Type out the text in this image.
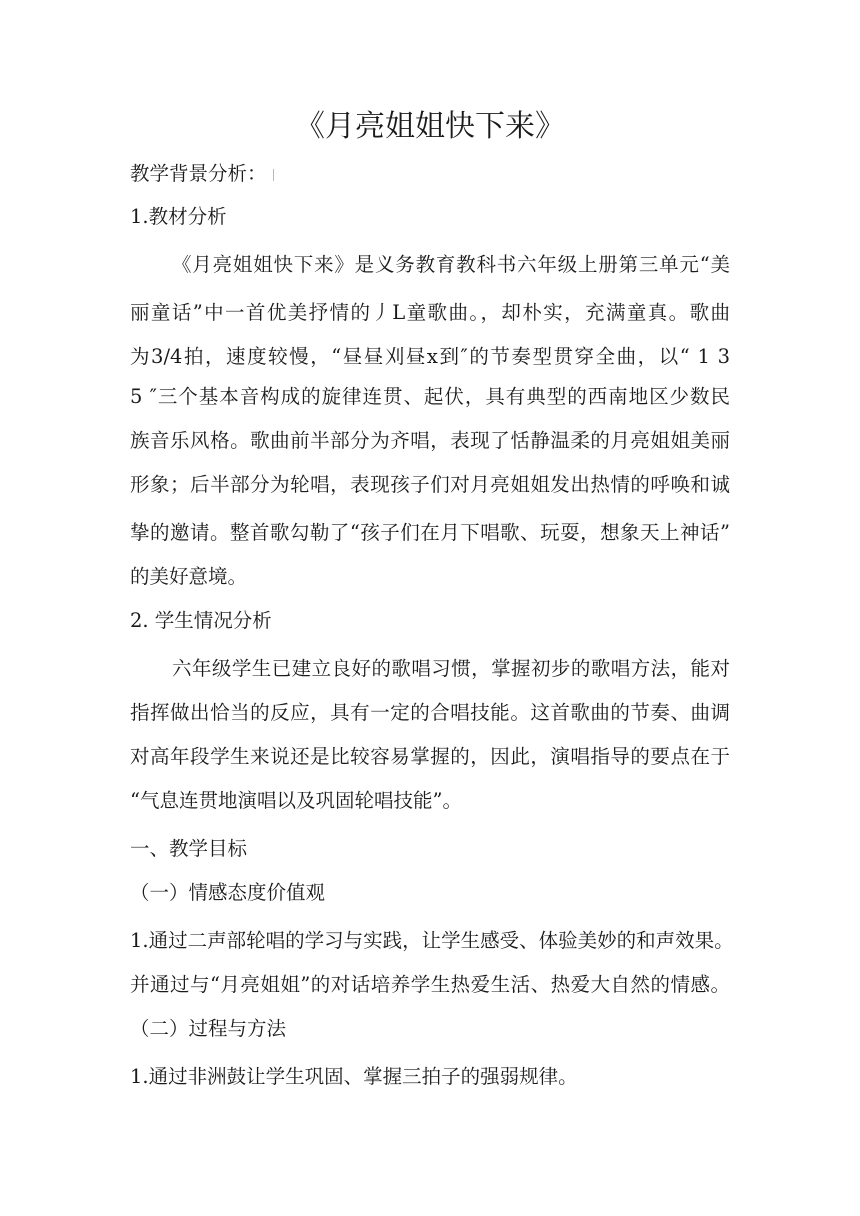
《月亮姐姐快下来》
教学背景分析：
1.教材分析
《月亮姐姐快下来》是义务教育教科书六年级上册第三单元“美
丽童话”中一首优美抒情的丿L童歌曲。，却朴实，充满童真。歌曲
为3/4拍，速度较慢，“昼昼刈昼x到″的节奏型贯穿全曲，以“ 1 3
5 ″三个基本音构成的旋律连贯、起伏，具有典型的西南地区少数民
族音乐风格。歌曲前半部分为齐唱，表现了恬静温柔的月亮姐姐美丽
形象；后半部分为轮唱，表现孩子们对月亮姐姐发出热情的呼唤和诚
挚的邀请。整首歌勾勒了“孩子们在月下唱歌、玩耍，想象天上神话”
的美好意境。
2. 学生情况分析
六年级学生已建立良好的歌唱习惯，掌握初步的歌唱方法，能对
指挥做出恰当的反应，具有一定的合唱技能。这首歌曲的节奏、曲调
对高年段学生来说还是比较容易掌握的，因此，演唱指导的要点在于
“气息连贯地演唱以及巩固轮唱技能”。
一、教学目标
（一）情感态度价值观
1.通过二声部轮唱的学习与实践，让学生感受、体验美妙的和声效果。
并通过与“月亮姐姐”的对话培养学生热爱生活、热爱大自然的情感。
（二）过程与方法
1.通过非洲鼓让学生巩固、掌握三拍子的强弱规律。
